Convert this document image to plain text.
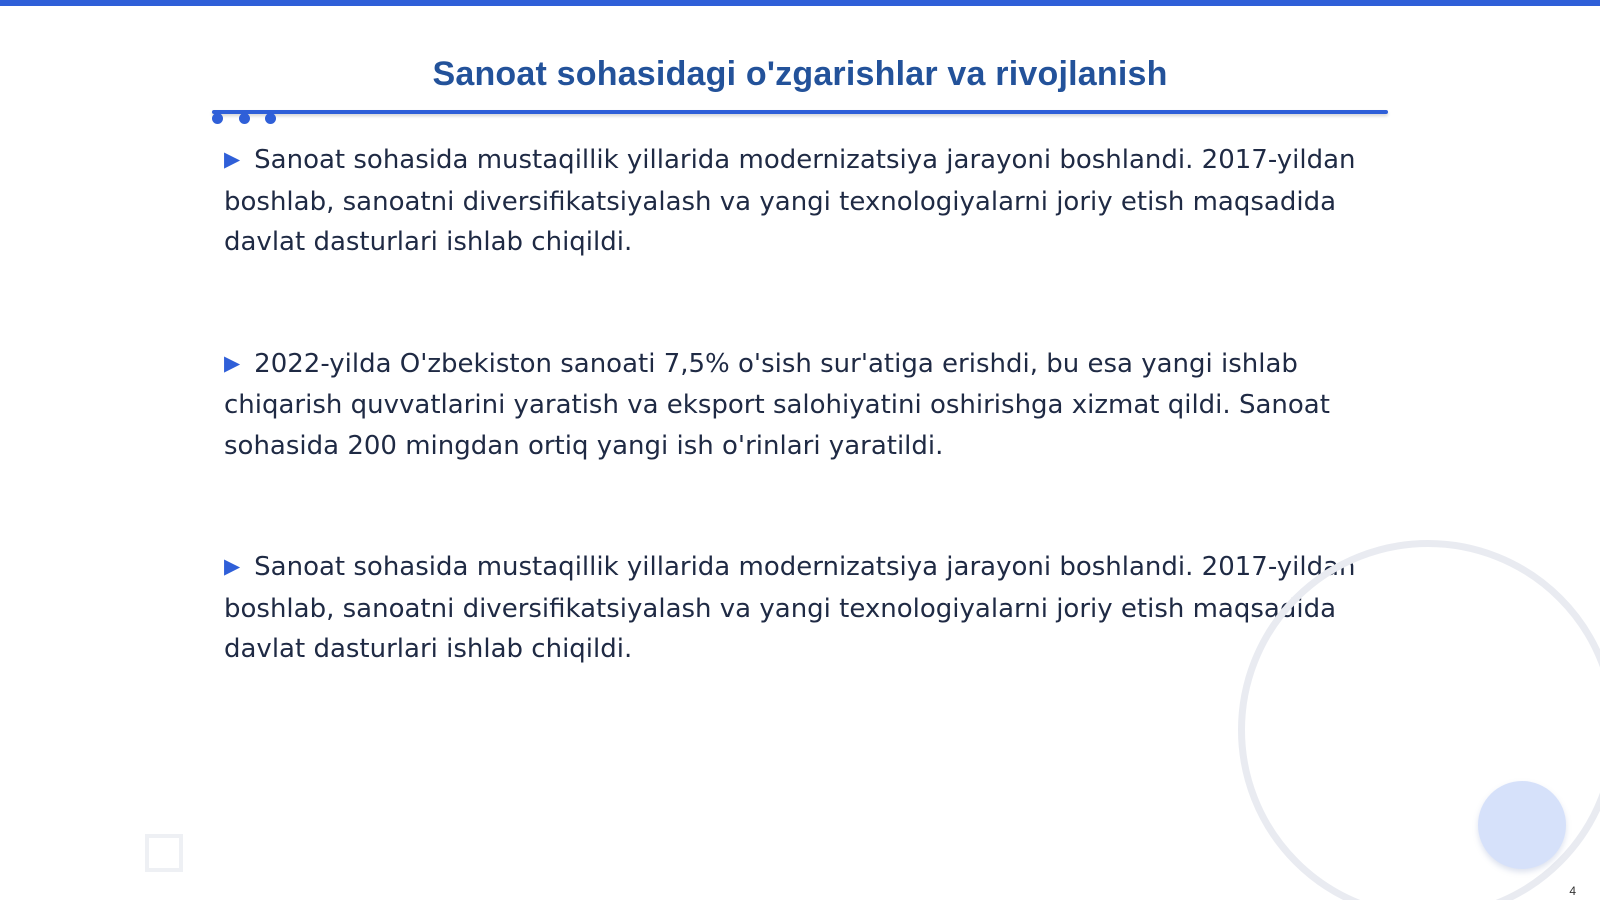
Sanoat sohasidagi o'zgarishlar va rivojlanish

▶ Sanoat sohasida mustaqillik yillarida modernizatsiya jarayoni boshlandi. 2017-yildan boshlab, sanoatni diversifikatsiyalash va yangi texnologiyalarni joriy etish maqsadida davlat dasturlari ishlab chiqildi.

▶ 2022-yilda O'zbekiston sanoati 7,5% o'sish sur'atiga erishdi, bu esa yangi ishlab chiqarish quvvatlarini yaratish va eksport salohiyatini oshirishga xizmat qildi. Sanoat sohasida 200 mingdan ortiq yangi ish o'rinlari yaratildi.

▶ Sanoat sohasida mustaqillik yillarida modernizatsiya jarayoni boshlandi. 2017-yildan boshlab, sanoatni diversifikatsiyalash va yangi texnologiyalarni joriy etish maqsadida davlat dasturlari ishlab chiqildi.

4
